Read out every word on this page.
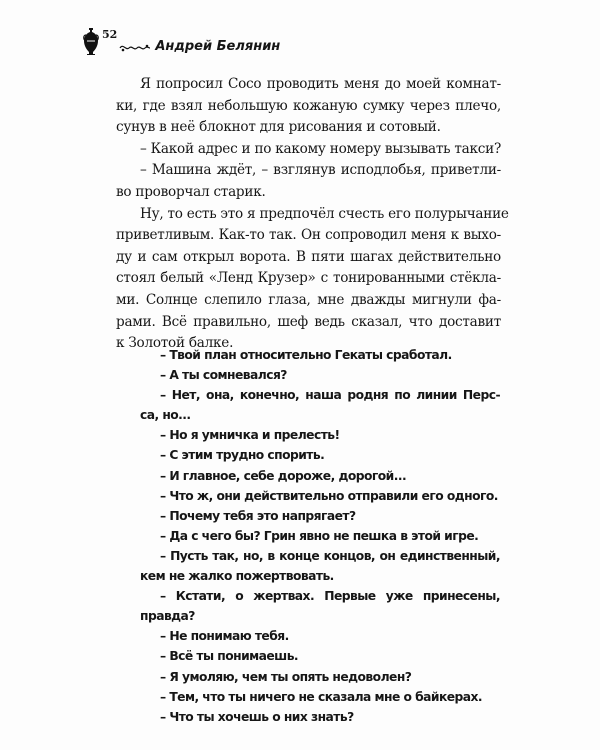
52
Андрей Белянин
Я попросил Сосо проводить меня до моей комнат-
ки, где взял небольшую кожаную сумку через плечо,
сунув в неё блокнот для рисования и сотовый.
– Какой адрес и по какому номеру вызывать такси?
– Машина ждёт, – взглянув исподлобья, приветли-
во проворчал старик.
Ну, то есть это я предпочёл счесть его полурычание
приветливым. Как-то так. Он сопроводил меня к выхо-
ду и сам открыл ворота. В пяти шагах действительно
стоял белый «Ленд Крузер» с тонированными стёкла-
ми. Солнце слепило глаза, мне дважды мигнули фа-
рами. Всё правильно, шеф ведь сказал, что доставит
к Золотой балке.
– Твой план относительно Гекаты сработал.
– А ты сомневался?
– Нет, она, конечно, наша родня по линии Перс-
са, но...
– Но я умничка и прелесть!
– С этим трудно спорить.
– И главное, себе дороже, дорогой...
– Что ж, они действительно отправили его одного.
– Почему тебя это напрягает?
– Да с чего бы? Грин явно не пешка в этой игре.
– Пусть так, но, в конце концов, он единственный,
кем не жалко пожертвовать.
– Кстати, о жертвах. Первые уже принесены,
правда?
– Не понимаю тебя.
– Всё ты понимаешь.
– Я умоляю, чем ты опять недоволен?
– Тем, что ты ничего не сказала мне о байкерах.
– Что ты хочешь о них знать?
